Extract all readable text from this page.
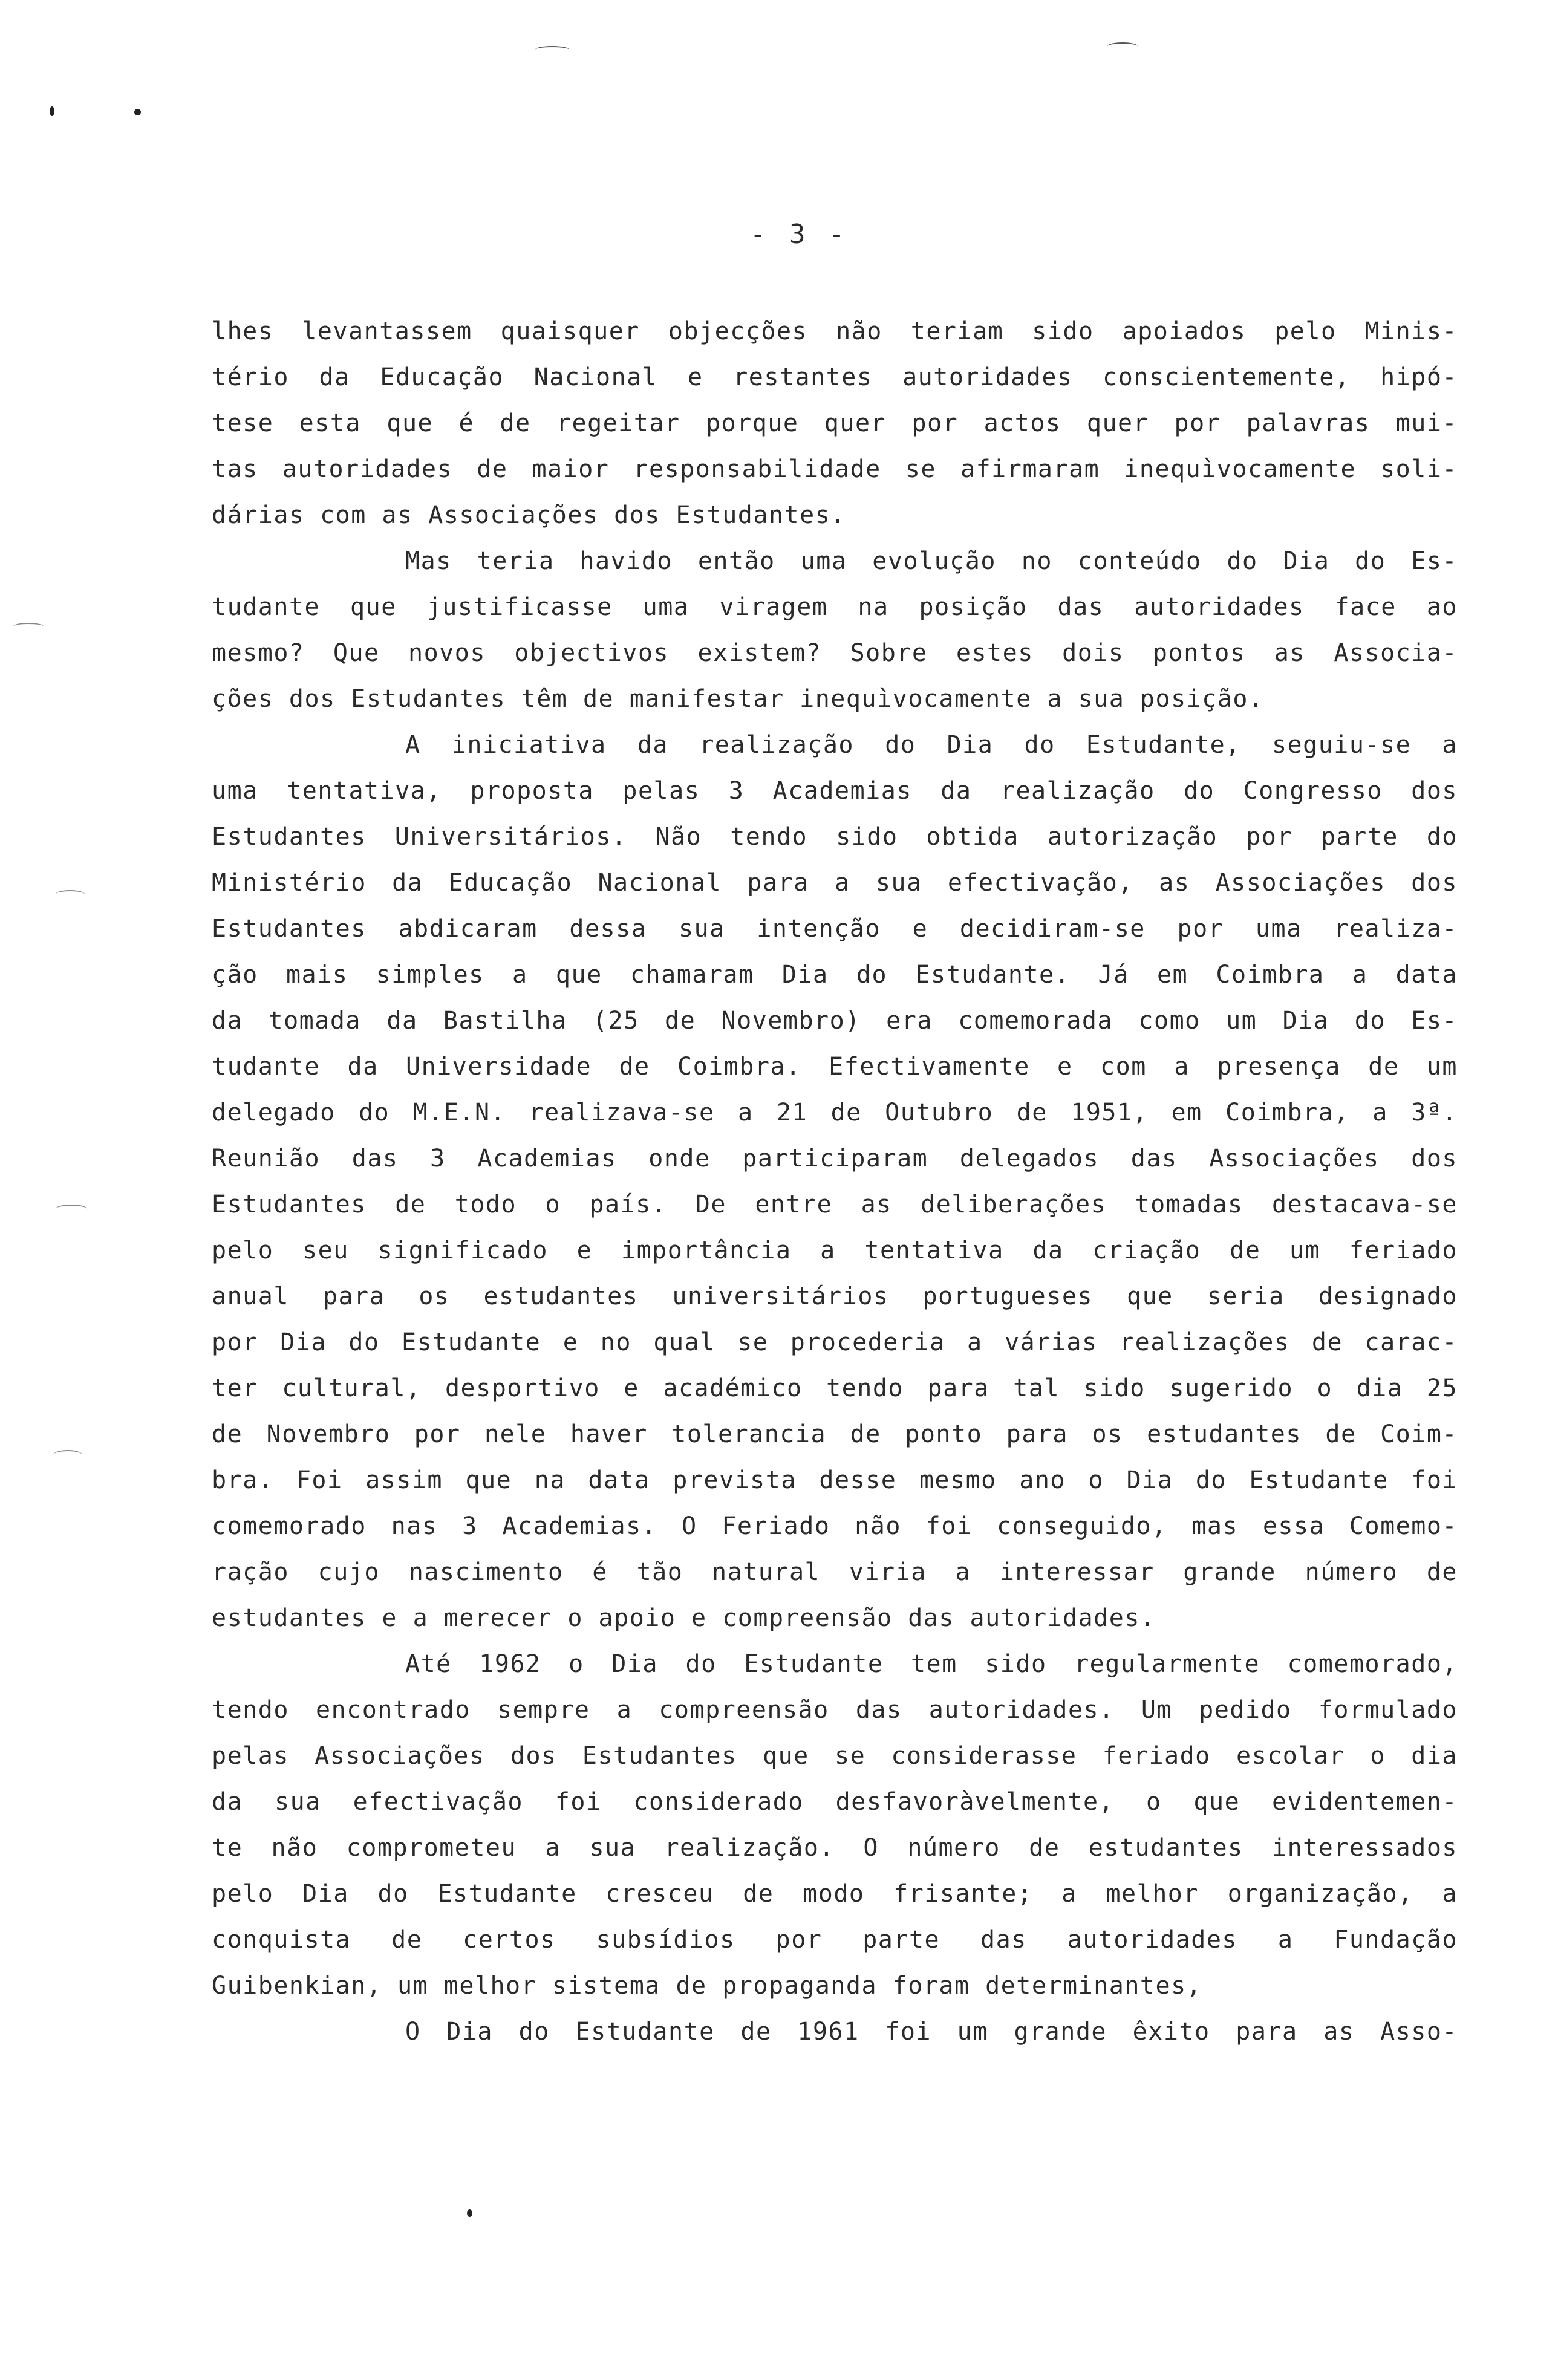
- 3 -
lhes levantassem quaisquer objecções não teriam sido apoiados pelo Minis-
tério da Educação Nacional e restantes autoridades conscientemente, hipó-
tese esta que é de regeitar porque quer por actos quer por palavras mui-
tas autoridades de maior responsabilidade se afirmaram inequìvocamente soli-
dárias com as Associações dos Estudantes.
Mas teria havido então uma evolução no conteúdo do Dia do Es-
tudante que justificasse uma viragem na posição das autoridades face ao
mesmo? Que novos objectivos existem? Sobre estes dois pontos as Associa-
ções dos Estudantes têm de manifestar inequìvocamente a sua posição.
A iniciativa da realização do Dia do Estudante, seguiu-se a
uma tentativa, proposta pelas 3 Academias da realização do Congresso dos
Estudantes Universitários. Não tendo sido obtida autorização por parte do
Ministério da Educação Nacional para a sua efectivação, as Associações dos
Estudantes abdicaram dessa sua intenção e decidiram-se por uma realiza-
ção mais simples a que chamaram Dia do Estudante. Já em Coimbra a data
da tomada da Bastilha (25 de Novembro) era comemorada como um Dia do Es-
tudante da Universidade de Coimbra. Efectivamente e com a presença de um
delegado do M.E.N. realizava-se a 21 de Outubro de 1951, em Coimbra, a 3ª.
Reunião das 3 Academias onde participaram delegados das Associações dos
Estudantes de todo o país. De entre as deliberações tomadas destacava-se
pelo seu significado e importância a tentativa da criação de um feriado
anual para os estudantes universitários portugueses que seria designado
por Dia do Estudante e no qual se procederia a várias realizações de carac-
ter cultural, desportivo e académico tendo para tal sido sugerido o dia 25
de Novembro por nele haver tolerancia de ponto para os estudantes de Coim-
bra. Foi assim que na data prevista desse mesmo ano o Dia do Estudante foi
comemorado nas 3 Academias. O Feriado não foi conseguido, mas essa Comemo-
ração cujo nascimento é tão natural viria a interessar grande número de
estudantes e a merecer o apoio e compreensão das autoridades.
Até 1962 o Dia do Estudante tem sido regularmente comemorado,
tendo encontrado sempre a compreensão das autoridades. Um pedido formulado
pelas Associações dos Estudantes que se considerasse feriado escolar o dia
da sua efectivação foi considerado desfavoràvelmente, o que evidentemen-
te não comprometeu a sua realização. O número de estudantes interessados
pelo Dia do Estudante cresceu de modo frisante; a melhor organização, a
conquista de certos subsídios por parte das autoridades a Fundação
Guibenkian, um melhor sistema de propaganda foram determinantes,
O Dia do Estudante de 1961 foi um grande êxito para as Asso-
